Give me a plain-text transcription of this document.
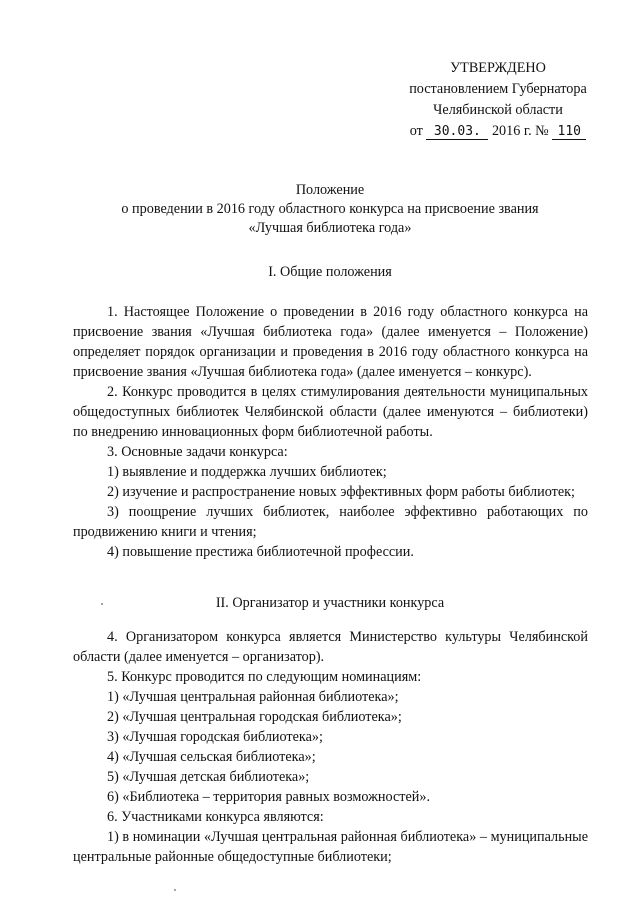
УТВЕРЖДЕНО
постановлением Губернатора
Челябинской области
от 30.03. 2016 г. № 110
Положение
о проведении в 2016 году областного конкурса на присвоение звания
«Лучшая библиотека года»
I. Общие положения

1. Настоящее Положение о проведении в 2016 году областного конкурса на присвоение звания «Лучшая библиотека года» (далее именуется – Положение) определяет порядок организации и проведения в 2016 году областного конкурса на присвоение звания «Лучшая библиотека года» (далее именуется – конкурс).

2. Конкурс проводится в целях стимулирования деятельности муниципальных общедоступных библиотек Челябинской области (далее именуются – библиотеки) по внедрению инновационных форм библиотечной работы.

3. Основные задачи конкурса:

1) выявление и поддержка лучших библиотек;

2) изучение и распространение новых эффективных форм работы библиотек;

3) поощрение лучших библиотек, наиболее эффективно работающих по продвижению книги и чтения;

4) повышение престижа библиотечной профессии.

II. Организатор и участники конкурса

4. Организатором конкурса является Министерство культуры Челябинской области (далее именуется – организатор).

5. Конкурс проводится по следующим номинациям:

1) «Лучшая центральная районная библиотека»;

2) «Лучшая центральная городская библиотека»;

3) «Лучшая городская библиотека»;

4) «Лучшая сельская библиотека»;

5) «Лучшая детская библиотека»;

6) «Библиотека – территория равных возможностей».

6. Участниками конкурса являются:

1) в номинации «Лучшая центральная районная библиотека» – муниципальные центральные районные общедоступные библиотеки;
